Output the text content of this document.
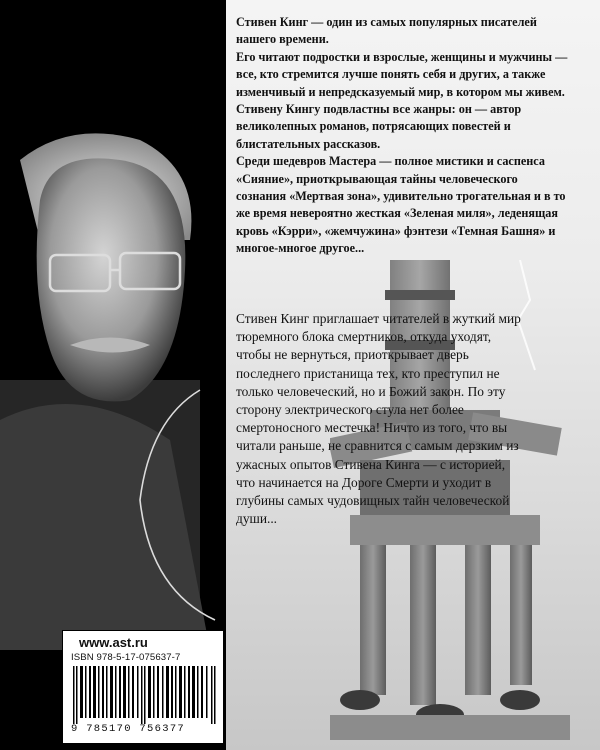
Стивен Кинг — один из самых популярных писателей нашего времени.

Его читают подростки и взрослые, женщины и мужчины — все, кто стремится лучше понять себя и других, а также изменчивый и непредсказуемый мир, в котором мы живем.

Стивену Кингу подвластны все жанры: он — автор великолепных романов, потрясающих повестей и блистательных рассказов.

Среди шедевров Мастера — полное мистики и саспенса «Сияние», приоткрывающая тайны человеческого сознания «Мертвая зона», удивительно трогательная и в то же время невероятно жесткая «Зеленая миля», леденящая кровь «Кэрри», «жемчужина» фэнтези «Темная Башня» и многое-многое другое...

Стивен Кинг приглашает читателей в жуткий мир тюремного блока смертников, откуда уходят, чтобы не вернуться, приоткрывает дверь последнего пристанища тех, кто преступил не только человеческий, но и Божий закон. По эту сторону электрического стула нет более смертоносного местечка! Ничто из того, что вы читали раньше, не сравнится с самым дерзким из ужасных опытов Стивена Кинга — с историей, что начинается на Дороге Смерти и уходит в глубины самых чудовищных тайн человеческой души...

www.ast.ru
ISBN 978-5-17-075637-7
9 785170 756377
